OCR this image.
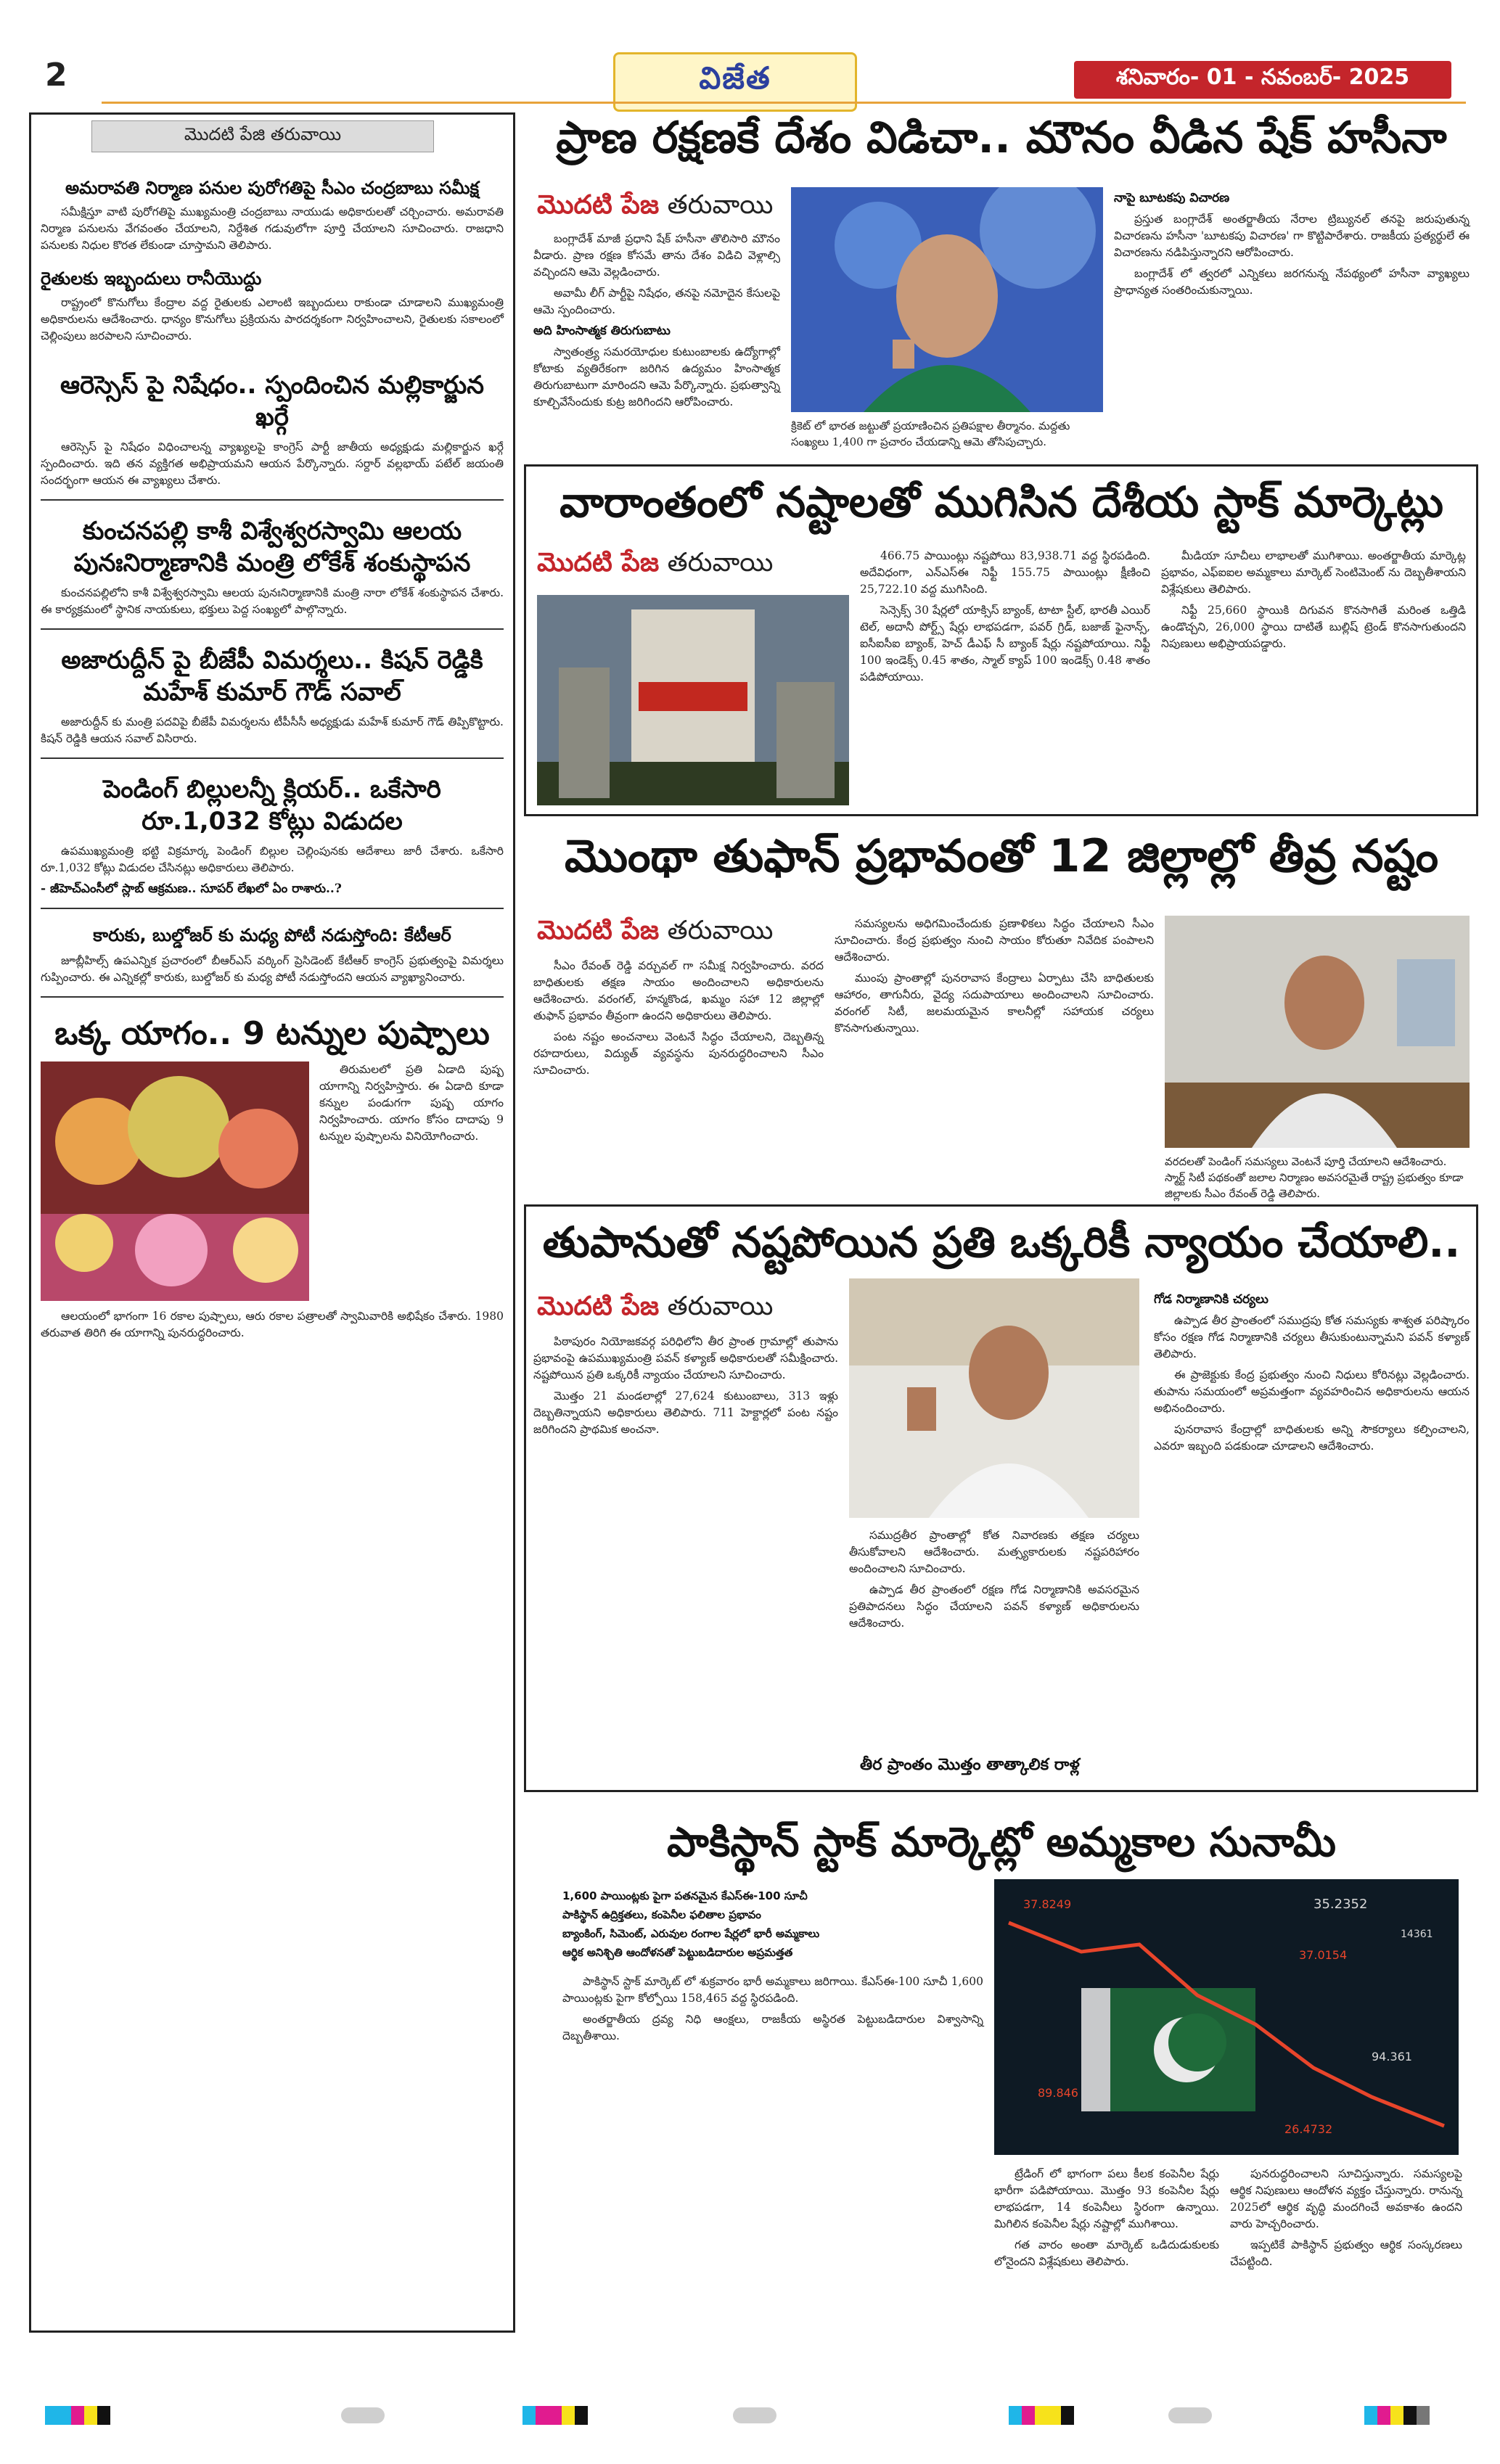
2	విజేత	శనివారం- 01 - నవంబర్- 2025
మొదటి పేజి తరువాయి
అమరావతి నిర్మాణ పనుల పురోగతిపై సీఎం చంద్రబాబు సమీక్ష

సమీక్షిస్తూ వాటి పురోగతిపై ముఖ్యమంత్రి చంద్రబాబు నాయుడు అధికారులతో చర్చించారు. అమరావతి నిర్మాణ పనులను వేగవంతం చేయాలని, నిర్దేశిత గడువులోగా పూర్తి చేయాలని సూచించారు. రాజధాని పనులకు నిధుల కొరత లేకుండా చూస్తామని తెలిపారు.

రైతులకు ఇబ్బందులు రానీయొద్దు

రాష్ట్రంలో కొనుగోలు కేంద్రాల వద్ద రైతులకు ఎలాంటి ఇబ్బందులు రాకుండా చూడాలని ముఖ్యమంత్రి అధికారులను ఆదేశించారు. ధాన్యం కొనుగోలు ప్రక్రియను పారదర్శకంగా నిర్వహించాలని, రైతులకు సకాలంలో చెల్లింపులు జరపాలని సూచించారు.

ఆరెస్సెస్ పై నిషేధం.. స్పందించిన మల్లికార్జున ఖర్గే

ఆరెస్సెస్ పై నిషేధం విధించాలన్న వ్యాఖ్యలపై కాంగ్రెస్ పార్టీ జాతీయ అధ్యక్షుడు మల్లికార్జున ఖర్గే స్పందించారు. ఇది తన వ్యక్తిగత అభిప్రాయమని ఆయన పేర్కొన్నారు. సర్దార్ వల్లభాయ్ పటేల్ జయంతి సందర్భంగా ఆయన ఈ వ్యాఖ్యలు చేశారు.

కుంచనపల్లి కాశీ విశ్వేశ్వరస్వామి ఆలయ పునఃనిర్మాణానికి మంత్రి లోకేశ్ శంకుస్థాపన

కుంచనపల్లిలోని కాశీ విశ్వేశ్వరస్వామి ఆలయ పునఃనిర్మాణానికి మంత్రి నారా లోకేశ్ శంకుస్థాపన చేశారు. ఈ కార్యక్రమంలో స్థానిక నాయకులు, భక్తులు పెద్ద సంఖ్యలో పాల్గొన్నారు.

అజారుద్దీన్ పై బీజేపీ విమర్శలు.. కిషన్ రెడ్డికి మహేశ్ కుమార్ గౌడ్ సవాల్

అజారుద్దీన్ కు మంత్రి పదవిపై బీజేపీ విమర్శలను టీపీసీసీ అధ్యక్షుడు మహేశ్ కుమార్ గౌడ్ తిప్పికొట్టారు. కిషన్ రెడ్డికి ఆయన సవాల్ విసిరారు.

పెండింగ్ బిల్లులన్నీ క్లియర్.. ఒకేసారి రూ.1,032 కోట్లు విడుదల

ఉపముఖ్యమంత్రి భట్టి విక్రమార్క పెండింగ్ బిల్లుల చెల్లింపునకు ఆదేశాలు జారీ చేశారు. ఒకేసారి రూ.1,032 కోట్లు విడుదల చేసినట్లు అధికారులు తెలిపారు.

- జీహెచ్ఎంసీలో స్లాబ్ ఆక్రమణ.. సూపర్ లేఖలో ఏం రాశారు..?

కారుకు, బుల్డోజర్ కు మధ్య పోటీ నడుస్తోంది: కేటీఆర్

జూబ్లీహిల్స్ ఉపఎన్నిక ప్రచారంలో బీఆర్ఎస్ వర్కింగ్ ప్రెసిడెంట్ కేటీఆర్ కాంగ్రెస్ ప్రభుత్వంపై విమర్శలు గుప్పించారు. ఈ ఎన్నికల్లో కారుకు, బుల్డోజర్ కు మధ్య పోటీ నడుస్తోందని ఆయన వ్యాఖ్యానించారు.

ఒక్క యాగం.. 9 టన్నుల పుష్పాలు

తిరుమలలో ప్రతి ఏడాది పుష్ప యాగాన్ని నిర్వహిస్తారు. ఈ ఏడాది కూడా కన్నుల పండుగగా పుష్ప యాగం నిర్వహించారు. యాగం కోసం దాదాపు 9 టన్నుల పుష్పాలను వినియోగించారు.

ఆలయంలో భాగంగా 16 రకాల పుష్పాలు, ఆరు రకాల పత్రాలతో స్వామివారికి అభిషేకం చేశారు. 1980 తరువాత తిరిగి ఈ యాగాన్ని పునరుద్ధరించారు.

ప్రాణ రక్షణకే దేశం విడిచా.. మౌనం వీడిన షేక్ హసీనా
మొదటి పేజ తరువాయి

బంగ్లాదేశ్ మాజీ ప్రధాని షేక్ హసీనా తొలిసారి మౌనం వీడారు. ప్రాణ రక్షణ కోసమే తాను దేశం విడిచి వెళ్లాల్సి వచ్చిందని ఆమె వెల్లడించారు.

అవామీ లీగ్ పార్టీపై నిషేధం, తనపై నమోదైన కేసులపై ఆమె స్పందించారు.

అది హింసాత్మక తిరుగుబాటు

స్వాతంత్ర్య సమరయోధుల కుటుంబాలకు ఉద్యోగాల్లో కోటాకు వ్యతిరేకంగా జరిగిన ఉద్యమం హింసాత్మక తిరుగుబాటుగా మారిందని ఆమె పేర్కొన్నారు. ప్రభుత్వాన్ని కూల్చివేసేందుకు కుట్ర జరిగిందని ఆరోపించారు.

క్రికెట్ లో భారత జట్టుతో ప్రయాణించిన ప్రతిపక్షాల తీర్మానం. మద్దతు సంఖ్యలు 1,400 గా ప్రచారం చేయడాన్ని ఆమె తోసిపుచ్చారు.

నాపై బూటకపు విచారణ

ప్రస్తుత బంగ్లాదేశ్ అంతర్జాతీయ నేరాల ట్రిబ్యునల్ తనపై జరుపుతున్న విచారణను హసీనా 'బూటకపు విచారణ' గా కొట్టిపారేశారు. రాజకీయ ప్రత్యర్థులే ఈ విచారణను నడిపిస్తున్నారని ఆరోపించారు.

బంగ్లాదేశ్ లో త్వరలో ఎన్నికలు జరగనున్న నేపథ్యంలో హసీనా వ్యాఖ్యలు ప్రాధాన్యత సంతరించుకున్నాయి.

వారాంతంలో నష్టాలతో ముగిసిన దేశీయ స్టాక్ మార్కెట్లు
మొదటి పేజ తరువాయి	466.75 పాయింట్లు నష్టపోయి 83,938.71 వద్ద స్థిరపడింది. అదేవిధంగా, ఎన్ఎస్ఈ నిఫ్టీ 155.75 పాయింట్లు క్షీణించి 25,722.10 వద్ద ముగిసింది.

సెన్సెక్స్ 30 షేర్లలో యాక్సిస్ బ్యాంక్, టాటా స్టీల్, భారతీ ఎయిర్ టెల్, అదానీ పోర్ట్స్ షేర్లు లాభపడగా, పవర్ గ్రిడ్, బజాజ్ ఫైనాన్స్, ఐసీఐసీఐ బ్యాంక్, హెచ్ డీఎఫ్ సీ బ్యాంక్ షేర్లు నష్టపోయాయి. నిఫ్టీ 100 ఇండెక్స్ 0.45 శాతం, స్మాల్ క్యాప్ 100 ఇండెక్స్ 0.48 శాతం పడిపోయాయి.

మీడియా సూచీలు లాభాలతో ముగిశాయి. అంతర్జాతీయ మార్కెట్ల ప్రభావం, ఎఫ్ఐఐల అమ్మకాలు మార్కెట్ సెంటిమెంట్ ను దెబ్బతీశాయని విశ్లేషకులు తెలిపారు.

నిఫ్టీ 25,660 స్థాయికి దిగువన కొనసాగితే మరింత ఒత్తిడి ఉండొచ్చని, 26,000 స్థాయి దాటితే బుల్లిష్ ట్రెండ్ కొనసాగుతుందని నిపుణులు అభిప్రాయపడ్డారు.

మొంథా తుఫాన్ ప్రభావంతో 12 జిల్లాల్లో తీవ్ర నష్టం
మొదటి పేజ తరువాయి

సీఎం రేవంత్ రెడ్డి వర్చువల్ గా సమీక్ష నిర్వహించారు. వరద బాధితులకు తక్షణ సాయం అందించాలని అధికారులను ఆదేశించారు. వరంగల్, హన్మకొండ, ఖమ్మం సహా 12 జిల్లాల్లో తుఫాన్ ప్రభావం తీవ్రంగా ఉందని అధికారులు తెలిపారు.

పంట నష్టం అంచనాలు వెంటనే సిద్ధం చేయాలని, దెబ్బతిన్న రహదారులు, విద్యుత్ వ్యవస్థను పునరుద్ధరించాలని సీఎం సూచించారు.

సమస్యలను అధిగమించేందుకు ప్రణాళికలు సిద్ధం చేయాలని సీఎం సూచించారు. కేంద్ర ప్రభుత్వం నుంచి సాయం కోరుతూ నివేదిక పంపాలని ఆదేశించారు.

ముంపు ప్రాంతాల్లో పునరావాస కేంద్రాలు ఏర్పాటు చేసి బాధితులకు ఆహారం, తాగునీరు, వైద్య సదుపాయాలు అందించాలని సూచించారు. వరంగల్ సిటీ, జలమయమైన కాలనీల్లో సహాయక చర్యలు కొనసాగుతున్నాయి.

వరదలతో పెండింగ్ సమస్యలు వెంటనే పూర్తి చేయాలని ఆదేశించారు. స్మార్ట్ సిటీ పథకంతో జలాల నిర్మాణం అవసరమైతే రాష్ట్ర ప్రభుత్వం కూడా జిల్లాలకు సీఎం రేవంత్ రెడ్డి తెలిపారు.
తుపానుతో నష్టపోయిన ప్రతి ఒక్కరికీ న్యాయం చేయాలి..
మొదటి పేజ తరువాయి

పిఠాపురం నియోజకవర్గ పరిధిలోని తీర ప్రాంత గ్రామాల్లో తుపాను ప్రభావంపై ఉపముఖ్యమంత్రి పవన్ కళ్యాణ్ అధికారులతో సమీక్షించారు. నష్టపోయిన ప్రతి ఒక్కరికీ న్యాయం చేయాలని సూచించారు.

మొత్తం 21 మండలాల్లో 27,624 కుటుంబాలు, 313 ఇళ్లు దెబ్బతిన్నాయని అధికారులు తెలిపారు. 711 హెక్టార్లలో పంట నష్టం జరిగిందని ప్రాథమిక అంచనా.

సముద్రతీర ప్రాంతాల్లో కోత నివారణకు తక్షణ చర్యలు తీసుకోవాలని ఆదేశించారు. మత్స్యకారులకు నష్టపరిహారం అందించాలని సూచించారు.

ఉప్పాడ తీర ప్రాంతంలో రక్షణ గోడ నిర్మాణానికి అవసరమైన ప్రతిపాదనలు సిద్ధం చేయాలని పవన్ కళ్యాణ్ అధికారులను ఆదేశించారు.

తీర ప్రాంతం మొత్తం తాత్కాలిక రాళ్ల

గోడ నిర్మాణానికి చర్యలు

ఉప్పాడ తీర ప్రాంతంలో సముద్రపు కోత సమస్యకు శాశ్వత పరిష్కారం కోసం రక్షణ గోడ నిర్మాణానికి చర్యలు తీసుకుంటున్నామని పవన్ కళ్యాణ్ తెలిపారు.

ఈ ప్రాజెక్టుకు కేంద్ర ప్రభుత్వం నుంచి నిధులు కోరినట్లు వెల్లడించారు. తుపాను సమయంలో అప్రమత్తంగా వ్యవహరించిన అధికారులను ఆయన అభినందించారు.

పునరావాస కేంద్రాల్లో బాధితులకు అన్ని సౌకర్యాలు కల్పించాలని, ఎవరూ ఇబ్బంది పడకుండా చూడాలని ఆదేశించారు.

పాకిస్థాన్ స్టాక్ మార్కెట్లో అమ్మకాల సునామీ
1,600 పాయింట్లకు పైగా పతనమైన కేఎస్ఈ-100 సూచీ
పాకిస్థాన్ ఉద్రిక్తతలు, కంపెనీల ఫలితాల ప్రభావం
బ్యాంకింగ్, సిమెంట్, ఎరువుల రంగాల షేర్లలో భారీ అమ్మకాలు
ఆర్థిక అనిశ్చితి ఆందోళనతో పెట్టుబడిదారుల అప్రమత్తత

పాకిస్థాన్ స్టాక్ మార్కెట్ లో శుక్రవారం భారీ అమ్మకాలు జరిగాయి. కేఎస్ఈ-100 సూచీ 1,600 పాయింట్లకు పైగా కోల్పోయి 158,465 వద్ద స్థిరపడింది.

అంతర్జాతీయ ద్రవ్య నిధి ఆంక్షలు, రాజకీయ అస్థిరత పెట్టుబడిదారుల విశ్వాసాన్ని దెబ్బతీశాయి.

37.8249
37.0154
35.2352
14361
89.846
94.361
26.4732

ట్రేడింగ్ లో భాగంగా పలు కీలక కంపెనీల షేర్లు భారీగా పడిపోయాయి. మొత్తం 93 కంపెనీల షేర్లు లాభపడగా, 14 కంపెనీలు స్థిరంగా ఉన్నాయి. మిగిలిన కంపెనీల షేర్లు నష్టాల్లో ముగిశాయి.

గత వారం అంతా మార్కెట్ ఒడిదుడుకులకు లోనైందని విశ్లేషకులు తెలిపారు.

పునరుద్ధరించాలని సూచిస్తున్నారు. సమస్యలపై ఆర్థిక నిపుణులు ఆందోళన వ్యక్తం చేస్తున్నారు. రానున్న 2025లో ఆర్థిక వృద్ధి మందగించే అవకాశం ఉందని వారు హెచ్చరించారు.

ఇప్పటికే పాకిస్థాన్ ప్రభుత్వం ఆర్థిక సంస్కరణలు చేపట్టింది.
